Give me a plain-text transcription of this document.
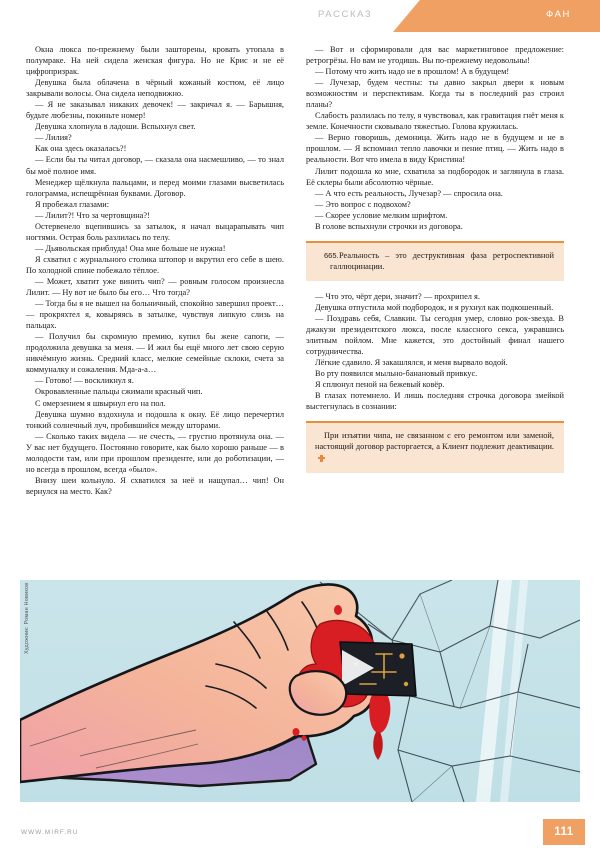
РАССКАЗ	ФАН

Окна люкса по-прежнему были зашторены, кровать утопала в полумраке. На ней сидела женская фигура. Но не Крис и не её цифропризрак.

Девушка была облачена в чёрный кожаный костюм, её лицо закрывали волосы. Она сидела неподвижно.

— Я не заказывал никаких девочек! — закричал я. — Барышня, будьте любезны, покиньте номер!

Девушка хлопнула в ладоши. Вспыхнул свет.

— Лилия?

Как она здесь оказалась?!

— Если бы ты читал договор, — сказала она насмешливо, — то знал бы моё полное имя.

Менеджер щёлкнула пальцами, и перед моими глазами высветилась голограмма, испещрённая буквами. Договор.

Я пробежал глазами:

— Лилит?! Что за чертовщина?!

Остервенело вцепившись за затылок, я начал выцарапывать чип ногтями. Острая боль разлилась по телу.

— Дьявольская приблуда! Она мне больше не нужна!

Я схватил с журнального столика штопор и вкрутил его себе в шею. По холодной спине побежало тёплое.

— Может, хватит уже винить чип? — ровным голосом произнесла Лилит. — Ну вот не было бы его… Что тогда?

— Тогда бы я не вышел на больничный, спокойно завершил проект… — прокряхтел я, ковыряясь в затылке, чувствуя липкую слизь на пальцах.

— Получил бы скромную премию, купил бы жене сапоги, — продолжила девушка за меня. — И жил бы ещё много лет свою серую никчёмную жизнь. Средний класс, мелкие семейные склоки, счета за коммуналку и сожаления. Мда-а-а…

— Готово! — воскликнул я.

Окровавленные пальцы сжимали красный чип.

С омерзением я швырнул его на пол.

Девушка шумно вздохнула и подошла к окну. Её лицо перечертил тонкий солнечный луч, пробившийся между шторами.

— Сколько таких видела — не счесть, — грустно протянула она. — У вас нет будущего. Постоянно говорите, как было хорошо раньше — в молодости там, или при прошлом президенте, или до роботизации, — но всегда в прошлом, всегда «было».

Внизу шеи кольнуло. Я схватился за неё и нащупал… чип! Он вернулся на место. Как?

— Вот и сформировали для вас маркетинговое предложение: ретрогрёзы. Но вам не угодишь. Вы по-прежнему недовольны!

— Потому что жить надо не в прошлом! А в будущем!

— Лучезар, будем честны: ты давно закрыл двери к новым возможностям и перспективам. Когда ты в последний раз строил планы?

Слабость разлилась по телу, я чувствовал, как гравитация гнёт меня к земле. Конечности сковывало тяжестью. Голова кружилась.

— Верно говоришь, демоница. Жить надо не в будущем и не в прошлом. — Я вспомнил тепло лавочки и пение птиц. — Жить надо в реальности. Вот что имела в виду Кристина!

Лилит подошла ко мне, схватила за подбородок и заглянула в глаза. Её склеры были абсолютно чёрные.

— А что есть реальность, Лучезар? — спросила она.

— Это вопрос с подвохом?

— Скорее условие мелким шрифтом.

В голове вспыхнули строчки из договора.

665. Реальность – это деструктивная фаза ретроспективной галлюцинации.

— Что это, чёрт дери, значит? — прохрипел я.

Девушка отпустила мой подбородок, и я рухнул как подкошенный.

— Поздравь себя, Славкин. Ты сегодня умер, словно рок-звезда. В джакузи президентского люкса, после классного секса, ужравшись элитным пойлом. Мне кажется, это достойный финал нашего сотрудничества.

Лёгкие сдавило. Я закашлялся, и меня вырвало водой.

Во рту появился мыльно-банановый привкус.

Я сплюнул пеной на бежевый ковёр.

В глазах потемнело. И лишь последняя строчка договора змейкой выстегнулась в сознании:

При изъятии чипа, не связанном с его ремонтом или заменой, настоящий договор расторгается, а Клиент подлежит деактивации.

Художник: Роман Новиков
WWW.MIRF.RU	111
